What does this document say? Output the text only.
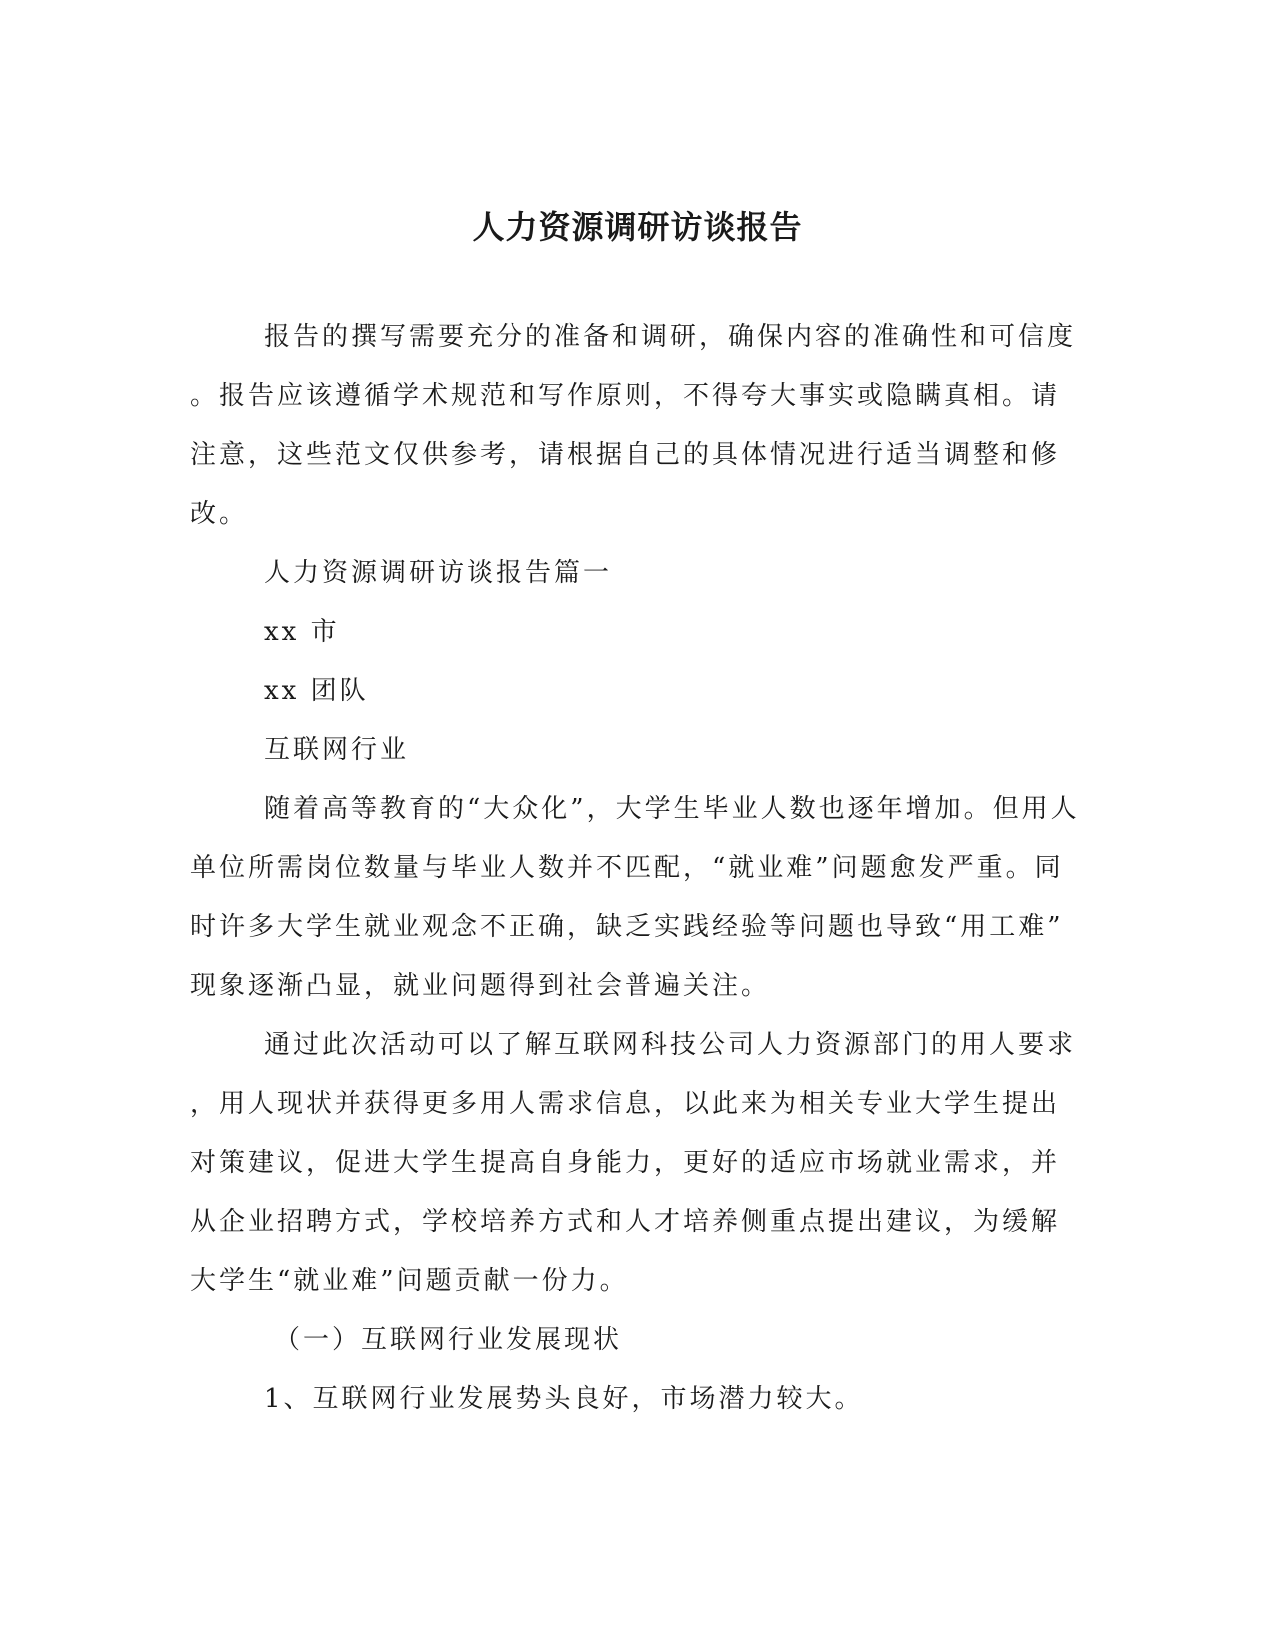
人力资源调研访谈报告
报告的撰写需要充分的准备和调研，确保内容的准确性和可信度
。报告应该遵循学术规范和写作原则，不得夸大事实或隐瞒真相。请
注意，这些范文仅供参考，请根据自己的具体情况进行适当调整和修
改。
人力资源调研访谈报告篇一
xx 市
xx 团队
互联网行业
随着高等教育的“大众化”，大学生毕业人数也逐年增加。但用人
单位所需岗位数量与毕业人数并不匹配，“就业难”问题愈发严重。同
时许多大学生就业观念不正确，缺乏实践经验等问题也导致“用工难”
现象逐渐凸显，就业问题得到社会普遍关注。
通过此次活动可以了解互联网科技公司人力资源部门的用人要求
，用人现状并获得更多用人需求信息，以此来为相关专业大学生提出
对策建议，促进大学生提高自身能力，更好的适应市场就业需求，并
从企业招聘方式，学校培养方式和人才培养侧重点提出建议，为缓解
大学生“就业难”问题贡献一份力。
（一）互联网行业发展现状
1、互联网行业发展势头良好，市场潜力较大。
